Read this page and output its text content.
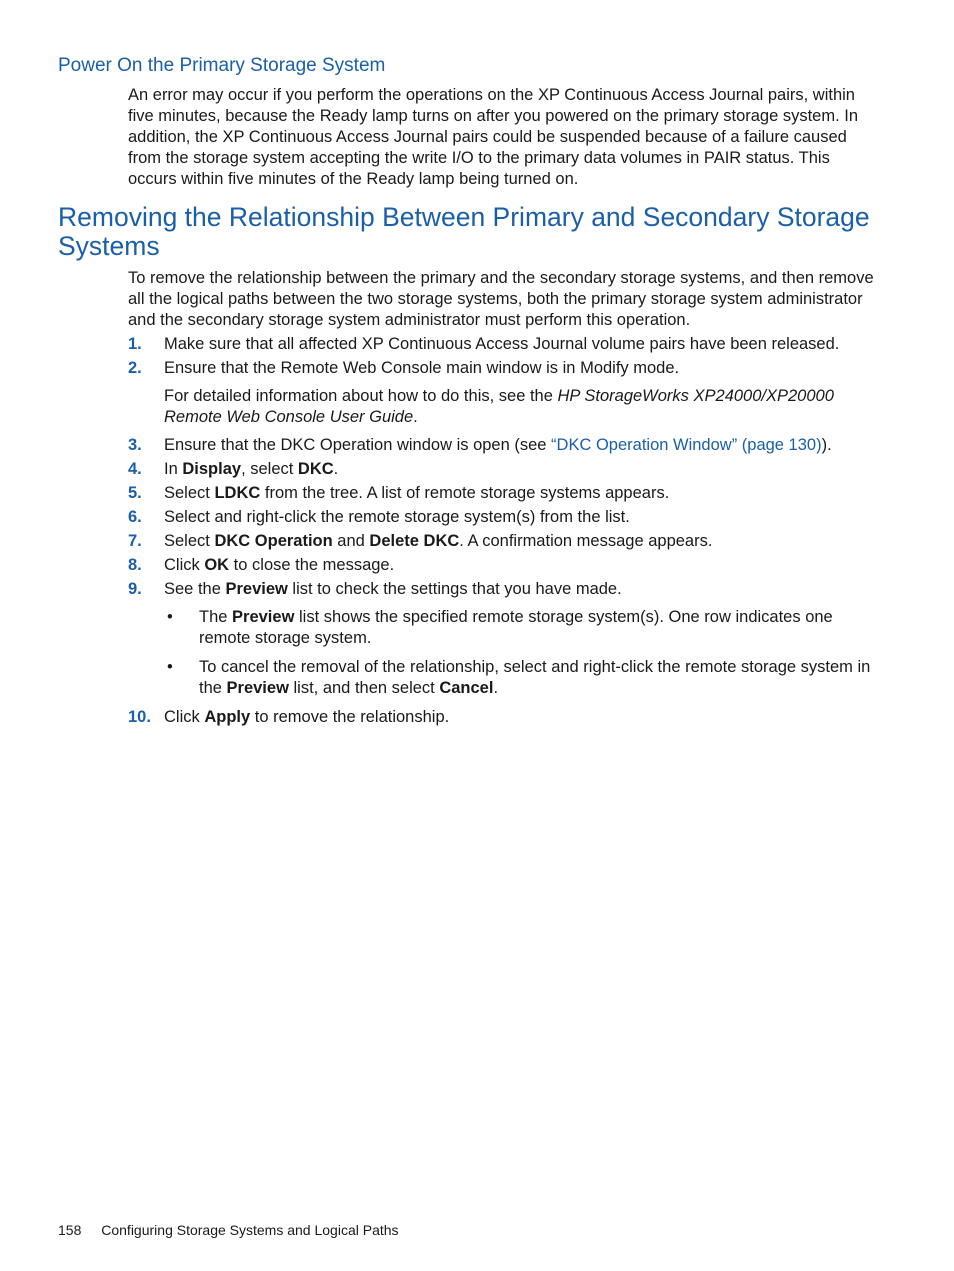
Power On the Primary Storage System

An error may occur if you perform the operations on the XP Continuous Access Journal pairs, within five minutes, because the Ready lamp turns on after you powered on the primary storage system. In addition, the XP Continuous Access Journal pairs could be suspended because of a failure caused from the storage system accepting the write I/O to the primary data volumes in PAIR status. This occurs within five minutes of the Ready lamp being turned on.

Removing the Relationship Between Primary and Secondary Storage Systems

To remove the relationship between the primary and the secondary storage systems, and then remove all the logical paths between the two storage systems, both the primary storage system administrator and the secondary storage system administrator must perform this operation.

1. Make sure that all affected XP Continuous Access Journal volume pairs have been released.
2. Ensure that the Remote Web Console main window is in Modify mode.
For detailed information about how to do this, see the HP StorageWorks XP24000/XP20000 Remote Web Console User Guide.
3. Ensure that the DKC Operation window is open (see “DKC Operation Window” (page 130)).
4. In Display, select DKC.
5. Select LDKC from the tree. A list of remote storage systems appears.
6. Select and right-click the remote storage system(s) from the list.
7. Select DKC Operation and Delete DKC. A confirmation message appears.
8. Click OK to close the message.
9. See the Preview list to check the settings that you have made.
• The Preview list shows the specified remote storage system(s). One row indicates one remote storage system.
• To cancel the removal of the relationship, select and right-click the remote storage system in the Preview list, and then select Cancel.
10. Click Apply to remove the relationship.
158 Configuring Storage Systems and Logical Paths
